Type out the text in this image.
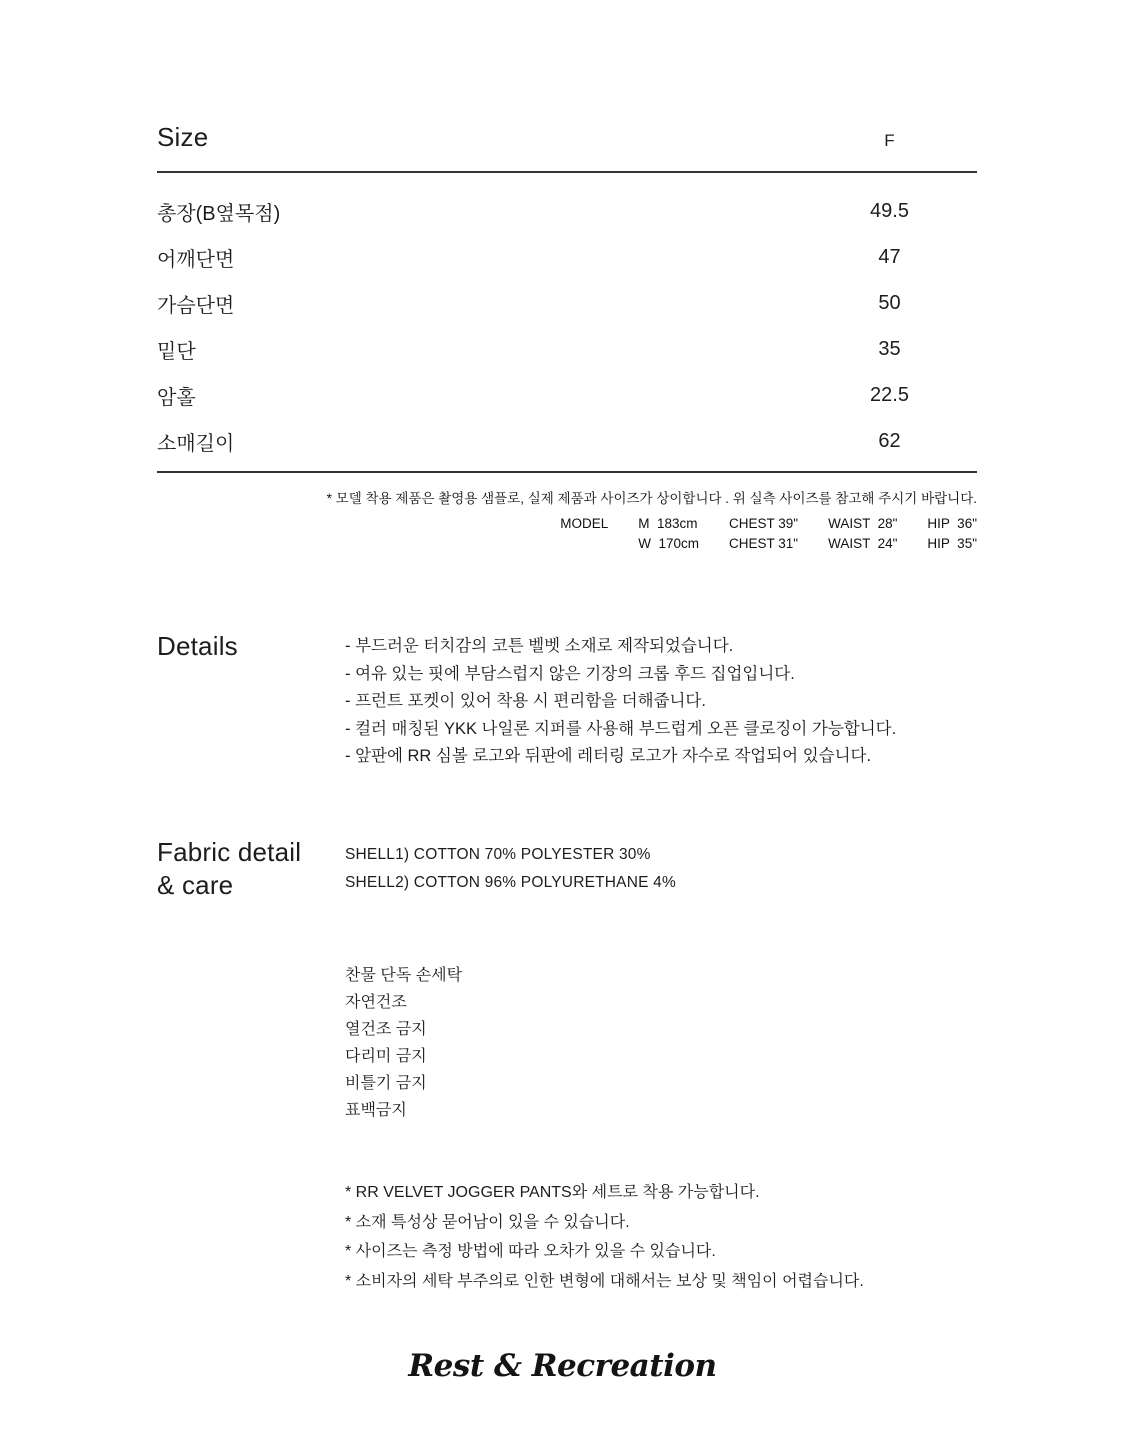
Size	F
총장(B옆목점)	49.5
어깨단면	47
가슴단면	50
밑단	35
암홀	22.5
소매길이	62

* 모델 착용 제품은 촬영용 샘플로, 실제 제품과 사이즈가 상이합니다 . 위 실측 사이즈를 참고해 주시기 바랍니다.

MODEL M  183cm CHEST 39" WAIST  28" HIP  36"
W  170cm CHEST 31" WAIST  24" HIP  35"
Details	- 부드러운 터치감의 코튼 벨벳 소재로 제작되었습니다.

- 여유 있는 핏에 부담스럽지 않은 기장의 크롭 후드 집업입니다.

- 프런트 포켓이 있어 착용 시 편리함을 더해줍니다.

- 컬러 매칭된 YKK 나일론 지퍼를 사용해 부드럽게 오픈 클로징이 가능합니다.

- 앞판에 RR 심볼 로고와 뒤판에 레터링 로고가 자수로 작업되어 있습니다.

Fabric detail
& care

SHELL1) COTTON 70% POLYESTER 30%

SHELL2) COTTON 96% POLYURETHANE 4%

찬물 단독 손세탁

자연건조

열건조 금지

다리미 금지

비틀기 금지

표백금지

* RR VELVET JOGGER PANTS와 세트로 착용 가능합니다.

* 소재 특성상 묻어남이 있을 수 있습니다.

* 사이즈는 측정 방법에 따라 오차가 있을 수 있습니다.

* 소비자의 세탁 부주의로 인한 변형에 대해서는 보상 및 책임이 어렵습니다.

Rest & Recreation
